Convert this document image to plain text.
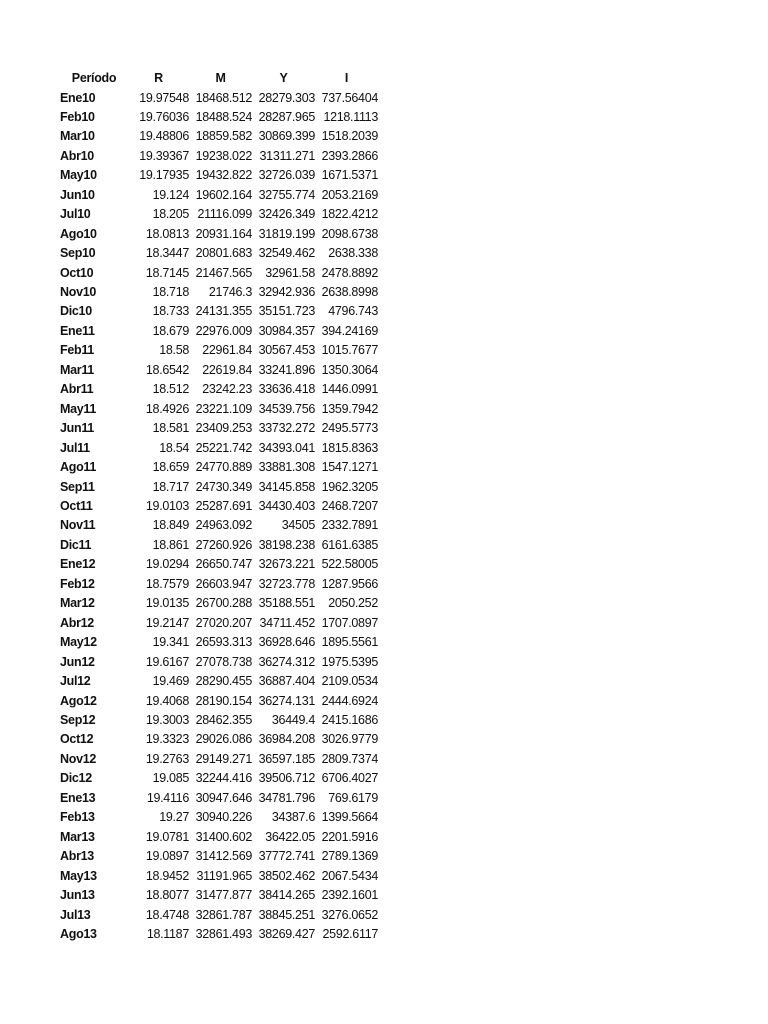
Período	R	M	Y	I
Ene10	19.97548	18468.512	28279.303	737.56404
Feb10	19.76036	18488.524	28287.965	1218.1113
Mar10	19.48806	18859.582	30869.399	1518.2039
Abr10	19.39367	19238.022	31311.271	2393.2866
May10	19.17935	19432.822	32726.039	1671.5371
Jun10	19.124	19602.164	32755.774	2053.2169
Jul10	18.205	21116.099	32426.349	1822.4212
Ago10	18.0813	20931.164	31819.199	2098.6738
Sep10	18.3447	20801.683	32549.462	2638.338
Oct10	18.7145	21467.565	32961.58	2478.8892
Nov10	18.718	21746.3	32942.936	2638.8998
Dic10	18.733	24131.355	35151.723	4796.743
Ene11	18.679	22976.009	30984.357	394.24169
Feb11	18.58	22961.84	30567.453	1015.7677
Mar11	18.6542	22619.84	33241.896	1350.3064
Abr11	18.512	23242.23	33636.418	1446.0991
May11	18.4926	23221.109	34539.756	1359.7942
Jun11	18.581	23409.253	33732.272	2495.5773
Jul11	18.54	25221.742	34393.041	1815.8363
Ago11	18.659	24770.889	33881.308	1547.1271
Sep11	18.717	24730.349	34145.858	1962.3205
Oct11	19.0103	25287.691	34430.403	2468.7207
Nov11	18.849	24963.092	34505	2332.7891
Dic11	18.861	27260.926	38198.238	6161.6385
Ene12	19.0294	26650.747	32673.221	522.58005
Feb12	18.7579	26603.947	32723.778	1287.9566
Mar12	19.0135	26700.288	35188.551	2050.252
Abr12	19.2147	27020.207	34711.452	1707.0897
May12	19.341	26593.313	36928.646	1895.5561
Jun12	19.6167	27078.738	36274.312	1975.5395
Jul12	19.469	28290.455	36887.404	2109.0534
Ago12	19.4068	28190.154	36274.131	2444.6924
Sep12	19.3003	28462.355	36449.4	2415.1686
Oct12	19.3323	29026.086	36984.208	3026.9779
Nov12	19.2763	29149.271	36597.185	2809.7374
Dic12	19.085	32244.416	39506.712	6706.4027
Ene13	19.4116	30947.646	34781.796	769.6179
Feb13	19.27	30940.226	34387.6	1399.5664
Mar13	19.0781	31400.602	36422.05	2201.5916
Abr13	19.0897	31412.569	37772.741	2789.1369
May13	18.9452	31191.965	38502.462	2067.5434
Jun13	18.8077	31477.877	38414.265	2392.1601
Jul13	18.4748	32861.787	38845.251	3276.0652
Ago13	18.1187	32861.493	38269.427	2592.6117
